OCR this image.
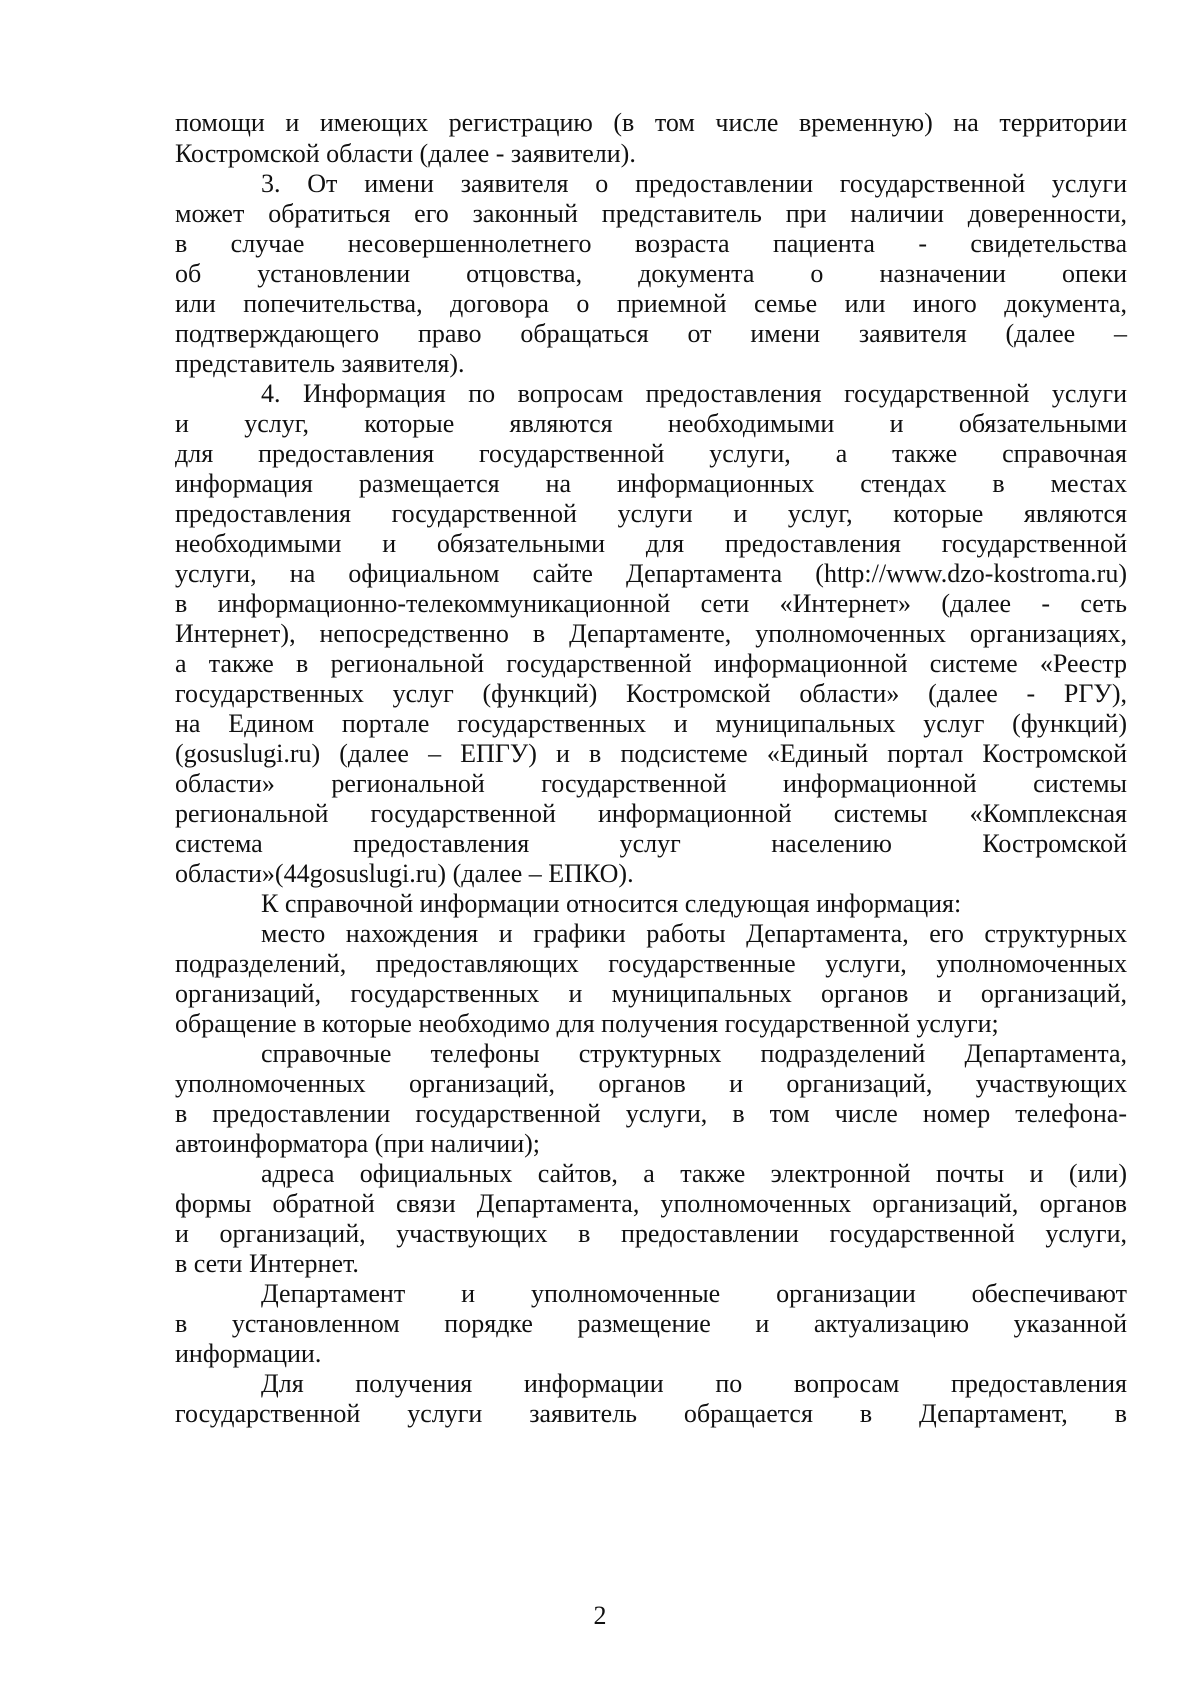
помощи и имеющих регистрацию (в том числе временную) на территории

Костромской области (далее - заявители).

3. От имени заявителя о предоставлении государственной услуги

может обратиться его законный представитель при наличии доверенности,

в случае несовершеннолетнего возраста пациента - свидетельства

об установлении отцовства, документа о назначении опеки

или попечительства, договора о приемной семье или иного документа,

подтверждающего право обращаться от имени заявителя (далее –

представитель заявителя).

4. Информация по вопросам предоставления государственной услуги

и услуг, которые являются необходимыми и обязательными

для предоставления государственной услуги, а также справочная

информация размещается на информационных стендах в местах

предоставления государственной услуги и услуг, которые являются

необходимыми и обязательными для предоставления государственной

услуги, на официальном сайте Департамента (http://www.dzo-kostroma.ru)

в информационно-телекоммуникационной сети «Интернет» (далее - сеть

Интернет), непосредственно в Департаменте, уполномоченных организациях,

а также в региональной государственной информационной системе «Реестр

государственных услуг (функций) Костромской области» (далее - РГУ),

на Едином портале государственных и муниципальных услуг (функций)

(gosuslugi.ru) (далее – ЕПГУ) и в подсистеме «Единый портал Костромской

области» региональной государственной информационной системы

региональной государственной информационной системы «Комплексная

система предоставления услуг населению Костромской

области»(44gosuslugi.ru) (далее – ЕПКО).

К справочной информации относится следующая информация:

место нахождения и графики работы Департамента, его структурных

подразделений, предоставляющих государственные услуги, уполномоченных

организаций, государственных и муниципальных органов и организаций,

обращение в которые необходимо для получения государственной услуги;

справочные телефоны структурных подразделений Департамента,

уполномоченных организаций, органов и организаций, участвующих

в предоставлении государственной услуги, в том числе номер телефона-

автоинформатора (при наличии);

адреса официальных сайтов, а также электронной почты и (или)

формы обратной связи Департамента, уполномоченных организаций, органов

и организаций, участвующих в предоставлении государственной услуги,

в сети Интернет.

Департамент и уполномоченные организации обеспечивают

в установленном порядке размещение и актуализацию указанной

информации.

Для получения информации по вопросам предоставления

государственной услуги заявитель обращается в Департамент, в

2
